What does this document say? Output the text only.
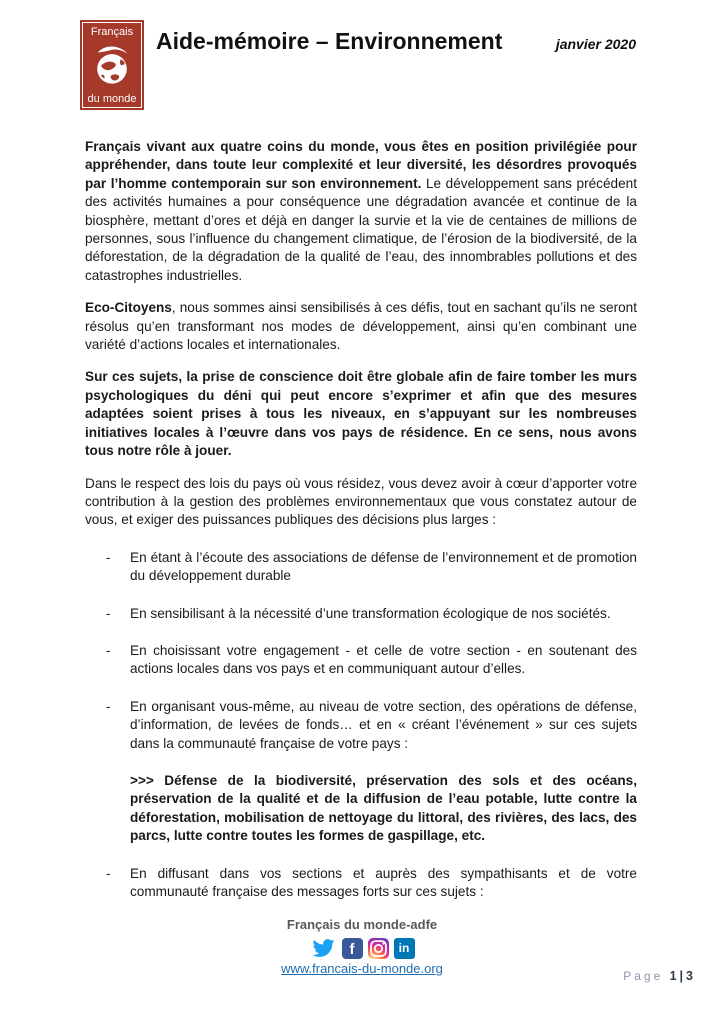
Français
du monde
Aide-mémoire – Environnement	janvier 2020

Français vivant aux quatre coins du monde, vous êtes en position privilégiée pour appréhender, dans toute leur complexité et leur diversité, les désordres provoqués par l’homme contemporain sur son environnement. Le développement sans précédent des activités humaines a pour conséquence une dégradation avancée et continue de la biosphère, mettant d’ores et déjà en danger la survie et la vie de centaines de millions de personnes, sous l’influence du changement climatique, de l’érosion de la biodiversité, de la déforestation, de la dégradation de la qualité de l’eau, des innombrables pollutions et des catastrophes industrielles.

Eco-Citoyens, nous sommes ainsi sensibilisés à ces défis, tout en sachant qu’ils ne seront résolus qu’en transformant nos modes de développement, ainsi qu’en combinant une variété d’actions locales et internationales.

Sur ces sujets, la prise de conscience doit être globale afin de faire tomber les murs psychologiques du déni qui peut encore s’exprimer et afin que des mesures adaptées soient prises à tous les niveaux, en s’appuyant sur les nombreuses initiatives locales à l’œuvre dans vos pays de résidence. En ce sens, nous avons tous notre rôle à jouer.

Dans le respect des lois du pays où vous résidez, vous devez avoir à cœur d’apporter votre contribution à la gestion des problèmes environnementaux que vous constatez autour de vous, et exiger des puissances publiques des décisions plus larges :

-	En étant à l’écoute des associations de défense de l’environnement et de promotion du développement durable
-	En sensibilisant à la nécessité d’une transformation écologique de nos sociétés.
-	En choisissant votre engagement - et celle de votre section - en soutenant des actions locales dans vos pays et en communiquant autour d’elles.
-	En organisant vous-même, au niveau de votre section, des opérations de défense, d’information, de levées de fonds… et en « créant l’événement » sur ces sujets dans la communauté française de votre pays :
>>> Défense de la biodiversité, préservation des sols et des océans, préservation de la qualité et de la diffusion de l’eau potable, lutte contre la déforestation, mobilisation de nettoyage du littoral, des rivières, des lacs, des parcs, lutte contre toutes les formes de gaspillage, etc.
-	En diffusant dans vos sections et auprès des sympathisants et de votre communauté française des messages forts sur ces sujets :
Français du monde-adfe
f	in
www.francais-du-monde.org	Page 1|3
